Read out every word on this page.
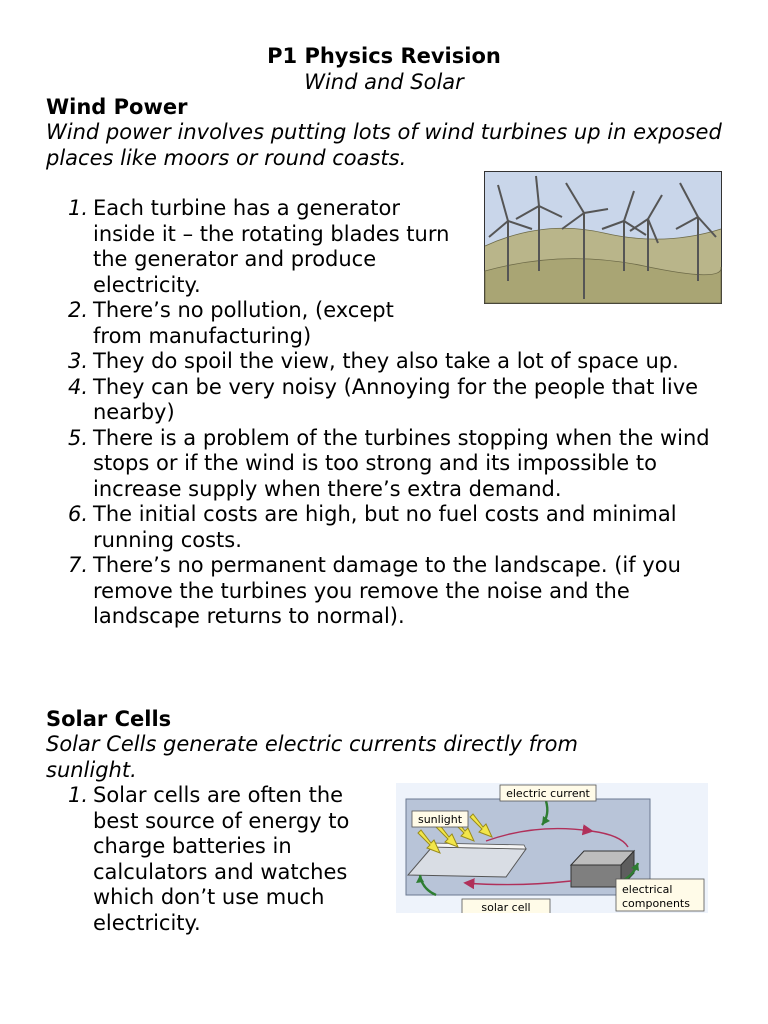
P1 Physics Revision
Wind and Solar
Wind Power
Wind power involves putting lots of wind turbines up in exposed places like moors or round coasts.
1. Each turbine has a generator inside it – the rotating blades turn the generator and produce electricity.
2. There’s no pollution, (except from manufacturing)
3. They do spoil the view, they also take a lot of space up.
4. They can be very noisy (Annoying for the people that live nearby)
5. There is a problem of the turbines stopping when the wind stops or if the wind is too strong and its impossible to increase supply when there’s extra demand.
6. The initial costs are high, but no fuel costs and minimal running costs.
7. There’s no permanent damage to the landscape. (if you remove the turbines you remove the noise and the landscape returns to normal).
Solar Cells
Solar Cells generate electric currents directly from sunlight.
1. Solar cells are often the best source of energy to charge batteries in calculators and watches which don’t use much electricity.
electric current
sunlight
solar cell
electrical
components
